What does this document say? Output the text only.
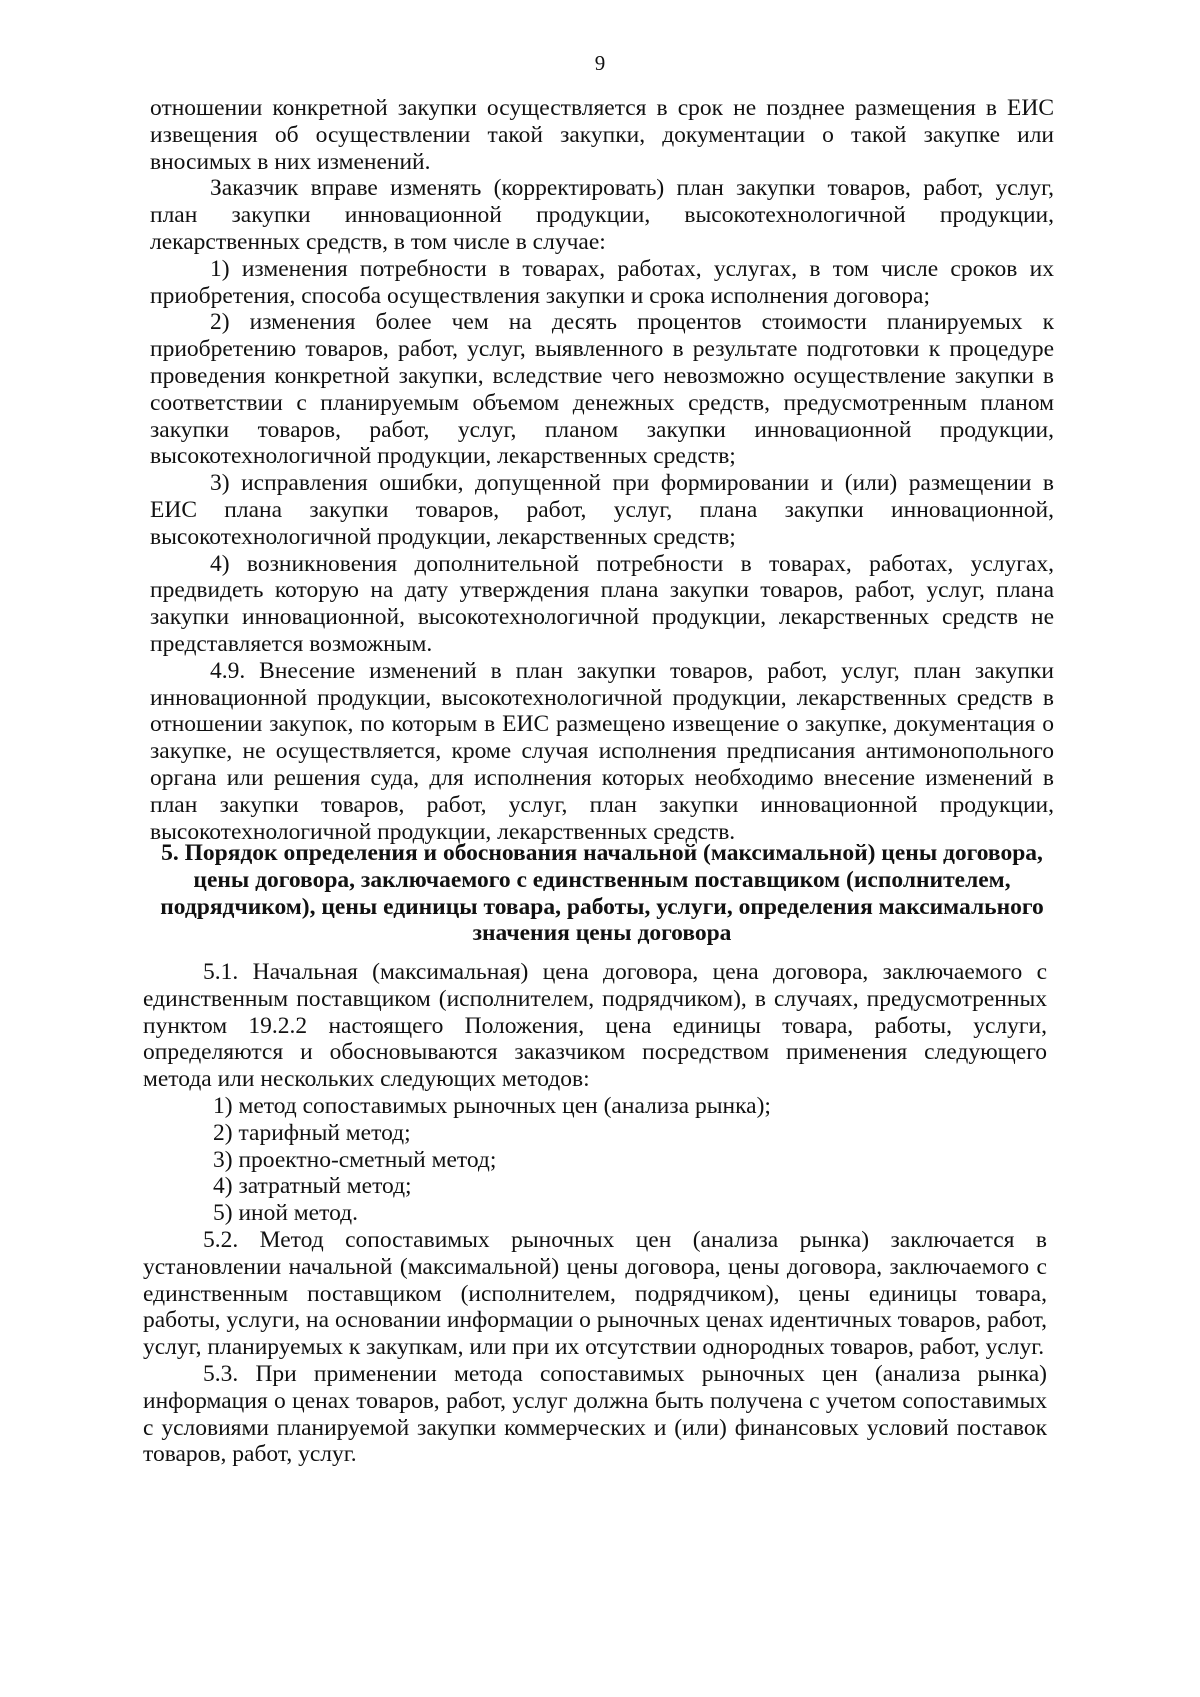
9

отношении конкретной закупки осуществляется в срок не позднее размещения в ЕИС извещения об осуществлении такой закупки, документации о такой закупке или вносимых в них изменений.

Заказчик вправе изменять (корректировать) план закупки товаров, работ, услуг, план закупки инновационной продукции, высокотехнологичной продукции, лекарственных средств, в том числе в случае:

1) изменения потребности в товарах, работах, услугах, в том числе сроков их приобретения, способа осуществления закупки и срока исполнения договора;

2) изменения более чем на десять процентов стоимости планируемых к приобретению товаров, работ, услуг, выявленного в результате подготовки к процедуре проведения конкретной закупки, вследствие чего невозможно осуществление закупки в соответствии с планируемым объемом денежных средств, предусмотренным планом закупки товаров, работ, услуг, планом закупки инновационной продукции, высокотехнологичной продукции, лекарственных средств;

3) исправления ошибки, допущенной при формировании и (или) размещении в ЕИС плана закупки товаров, работ, услуг, плана закупки инновационной, высокотехнологичной продукции, лекарственных средств;

4) возникновения дополнительной потребности в товарах, работах, услугах, предвидеть которую на дату утверждения плана закупки товаров, работ, услуг, плана закупки инновационной, высокотехнологичной продукции, лекарственных средств не представляется возможным.

4.9. Внесение изменений в план закупки товаров, работ, услуг, план закупки инновационной продукции, высокотехнологичной продукции, лекарственных средств в отношении закупок, по которым в ЕИС размещено извещение о закупке, документация о закупке, не осуществляется, кроме случая исполнения предписания антимонопольного органа или решения суда, для исполнения которых необходимо внесение изменений в план закупки товаров, работ, услуг, план закупки инновационной продукции, высокотехнологичной продукции, лекарственных средств.

5. Порядок определения и обоснования начальной (максимальной) цены договора, цены договора, заключаемого с единственным поставщиком (исполнителем, подрядчиком), цены единицы товара, работы, услуги, определения максимального значения цены договора

5.1. Начальная (максимальная) цена договора, цена договора, заключаемого с единственным поставщиком (исполнителем, подрядчиком), в случаях, предусмотренных пунктом 19.2.2 настоящего Положения, цена единицы товара, работы, услуги, определяются и обосновываются заказчиком посредством применения следующего метода или нескольких следующих методов:

1) метод сопоставимых рыночных цен (анализа рынка);

2) тарифный метод;

3) проектно-сметный метод;

4) затратный метод;

5) иной метод.

5.2. Метод сопоставимых рыночных цен (анализа рынка) заключается в установлении начальной (максимальной) цены договора, цены договора, заключаемого с единственным поставщиком (исполнителем, подрядчиком), цены единицы товара, работы, услуги, на основании информации о рыночных ценах идентичных товаров, работ, услуг, планируемых к закупкам, или при их отсутствии однородных товаров, работ, услуг.

5.3. При применении метода сопоставимых рыночных цен (анализа рынка) информация о ценах товаров, работ, услуг должна быть получена с учетом сопоставимых с условиями планируемой закупки коммерческих и (или) финансовых условий поставок товаров, работ, услуг.
